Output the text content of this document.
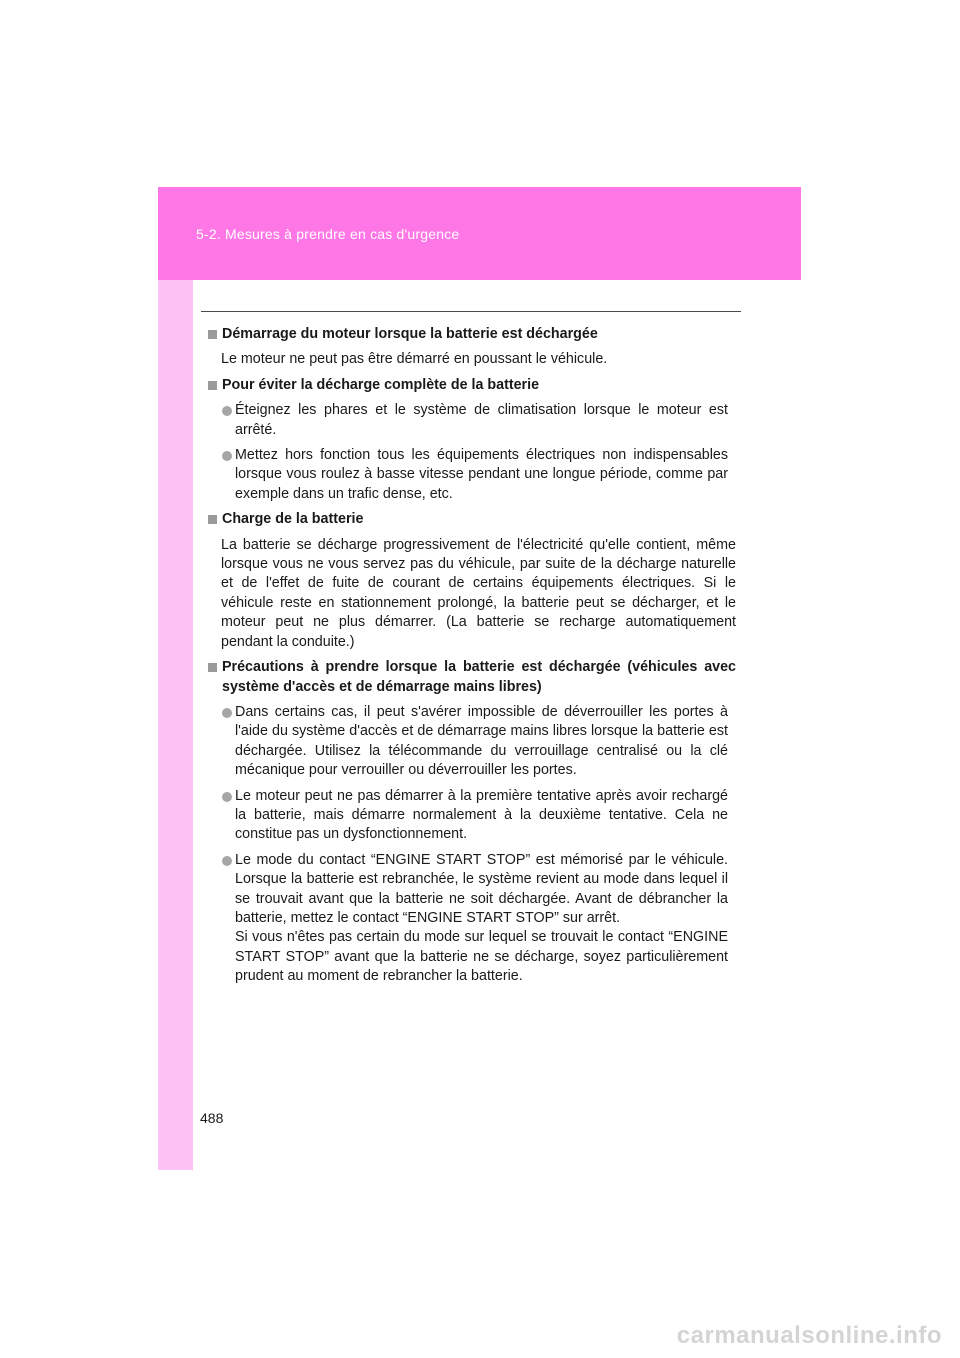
5-2. Mesures à prendre en cas d'urgence
Démarrage du moteur lorsque la batterie est déchargée
Le moteur ne peut pas être démarré en poussant le véhicule.
Pour éviter la décharge complète de la batterie
Éteignez les phares et le système de climatisation lorsque le moteur est arrêté.
Mettez hors fonction tous les équipements électriques non indispensables lorsque vous roulez à basse vitesse pendant une longue période, comme par exemple dans un trafic dense, etc.
Charge de la batterie
La batterie se décharge progressivement de l'électricité qu'elle contient, même lorsque vous ne vous servez pas du véhicule, par suite de la décharge naturelle et de l'effet de fuite de courant de certains équipements électriques. Si le véhicule reste en stationnement prolongé, la batterie peut se décharger, et le moteur peut ne plus démarrer. (La batterie se recharge automatiquement pendant la conduite.)
Précautions à prendre lorsque la batterie est déchargée (véhicules avec système d'accès et de démarrage mains libres)
Dans certains cas, il peut s'avérer impossible de déverrouiller les portes à l'aide du système d'accès et de démarrage mains libres lorsque la batterie est déchargée. Utilisez la télécommande du verrouillage centralisé ou la clé mécanique pour verrouiller ou déverrouiller les portes.
Le moteur peut ne pas démarrer à la première tentative après avoir rechargé la batterie, mais démarre normalement à la deuxième tentative. Cela ne constitue pas un dysfonctionnement.
Le mode du contact “ENGINE START STOP” est mémorisé par le véhicule. Lorsque la batterie est rebranchée, le système revient au mode dans lequel il se trouvait avant que la batterie ne soit déchargée. Avant de débrancher la batterie, mettez le contact “ENGINE START STOP” sur arrêt.
Si vous n'êtes pas certain du mode sur lequel se trouvait le contact “ENGINE START STOP” avant que la batterie ne se décharge, soyez particulièrement prudent au moment de rebrancher la batterie.
488
carmanualsonline.info
